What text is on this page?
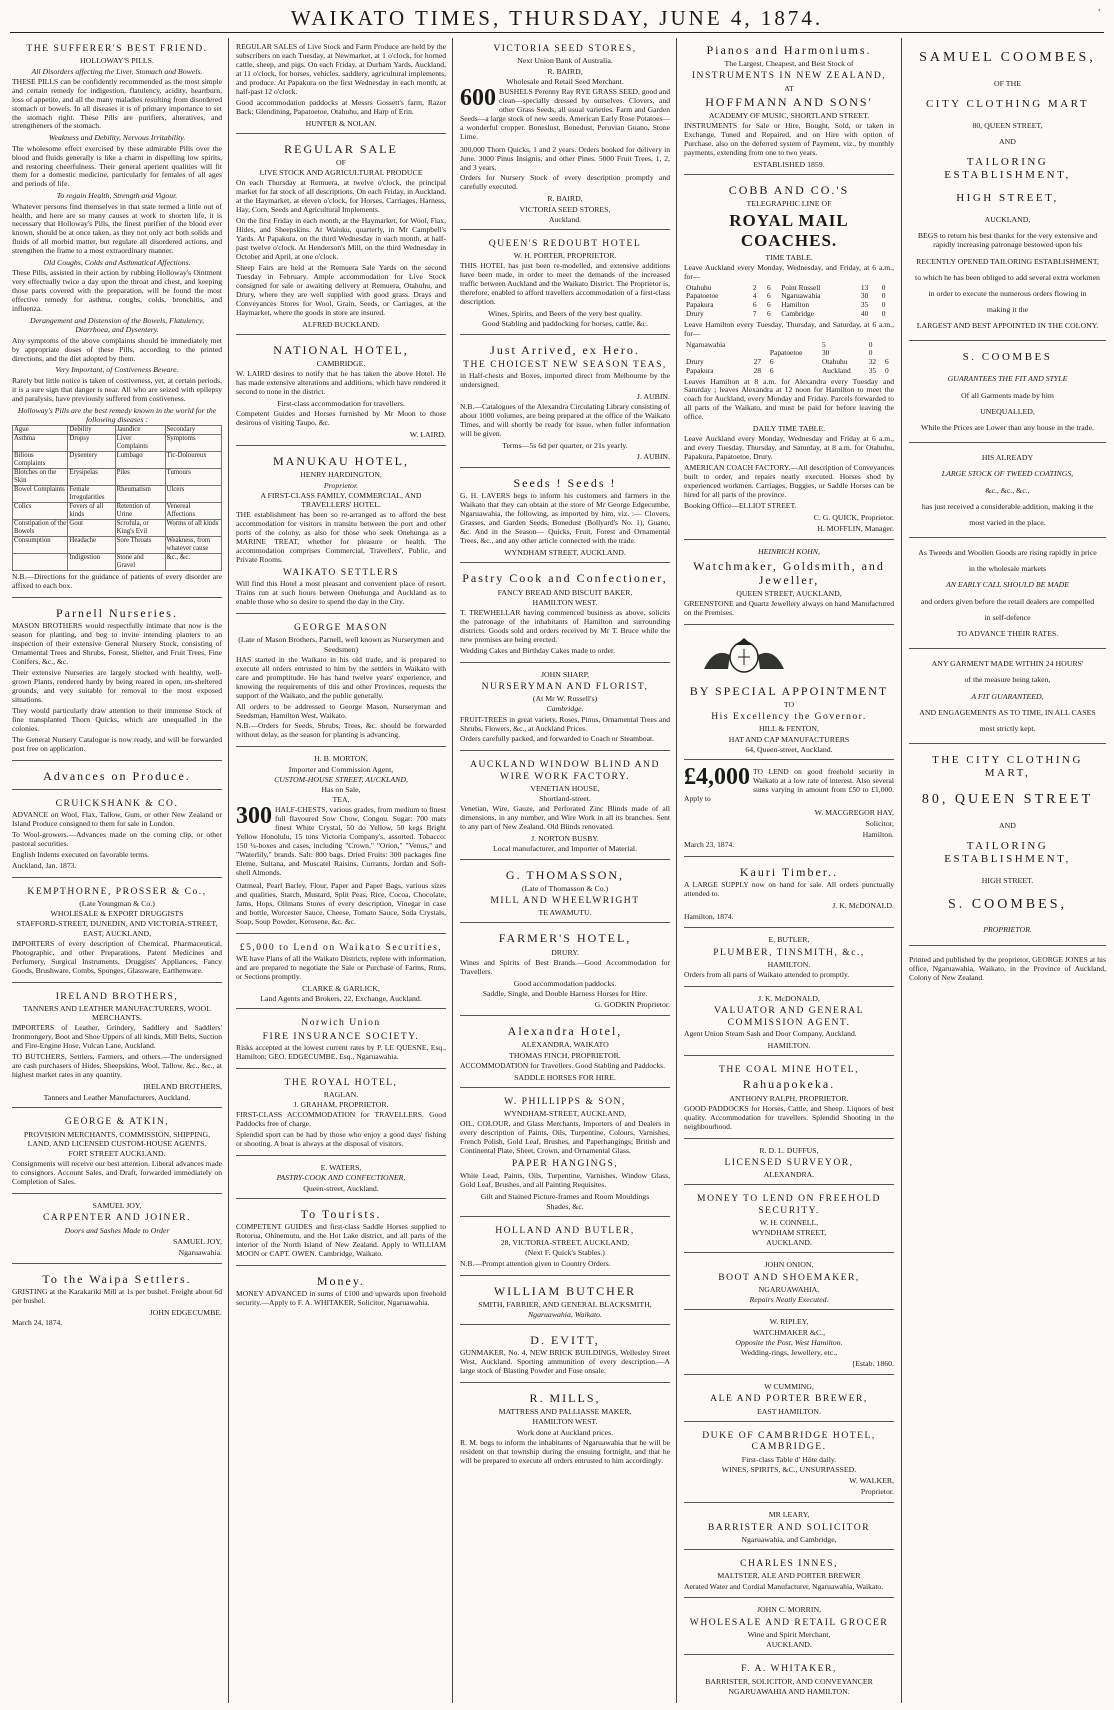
WAIKATO TIMES, THURSDAY, JUNE 4, 1874.	'
THE SUFFERER'S BEST FRIEND.
HOLLOWAY'S PILLS.
All Disorders affecting the Liver, Stomach and Bowels.
THESE PILLS can be confidently recommended as the most simple and certain remedy for indigestion, flatulency, acidity, heartburn, loss of appetite, and all the many maladies resulting from disordered stomach or bowels. In all diseases it is of primary importance to set the stomach right. These Pills are purifiers, alteratives, and strengtheners of the stomach.
Weakness and Debility, Nervous Irritability.
The wholesome effect exercised by these admirable Pills over the blood and fluids generally is like a charm in dispelling low spirits, and restoring cheerfulness. Their general aperient qualities will fit them for a domestic medicine, particularly for females of all ages and periods of life.
To regain Health, Strength and Vigour.
Whatever persons find themselves in that state termed a little out of health, and here are so many causes at work to shorten life, it is necessary that Holloway's Pills, the finest purifier of the blood ever known, should be at once taken, as they not only act both solids and fluids of all morbid matter, but regulate all disordered actions, and strengthen the frame to a most extraordinary manner.
Old Coughs, Colds and Asthmatical Affections.
These Pills, assisted in their action by rubbing Holloway's Ointment very effectually twice a day upon the throat and chest, and keeping those parts covered with the preparation, will be found the most effective remedy for asthma, coughs, colds, bronchitis, and influenza.
Derangement and Distension of the Bowels, Flatulency, Diarrhoea, and Dysentery.
Any symptoms of the above complaints should be immediately met by appropriate doses of these Pills, according to the printed directions, and the diet adopted by them.
Very Important, of Costiveness Beware.
Rarely but little notice is taken of costiveness, yet, at certain periods, it is a sure sign that danger is near. All who are seized with epilepsy and paralysis, have previously suffered from costiveness.
Holloway's Pills are the best remedy known in the world for the following diseases :
Ague	Debility	Jaundice	Secondary
Asthma	Dropsy	Liver Complaints	Symptoms
Bilious Complaints	Dysentery	Lumbago	Tic-Doloureux
Blotches on the Skin	Erysipelas	Piles	Tumours
Bowel Complaints	Female Irregularities	Rheumatism	Ulcers
Colics	Fevers of all kinds	Retention of Urine	Venereal Affections
Constipation of the Bowels	Gout	Scrofula, or King's Evil	Worms of all kinds
Consumption	Headache	Sore Throats	Weakness, from whatever cause
	Indigestion	Stone and Gravel	&c., &c.
N.B.—Directions for the guidance of patients of every disorder are affixed to each box.
Parnell Nurseries.
MASON BROTHERS would respectfully intimate that now is the season for planting, and beg to invite intending planters to an inspection of their extensive General Nursery Stock, consisting of Ornamental Trees and Shrubs, Forest, Shelter, and Fruit Trees, Fine Conifers, &c., &c.
Their extensive Nurseries are largely stocked with healthy, well-grown Plants, rendered hardy by being reared in open, un-sheltered grounds, and very suitable for removal to the most exposed situations.
They would particularly draw attention to their immense Stock of fine transplanted Thorn Quicks, which are unequalled in the colonies.
The General Nursery Catalogue is now ready, and will be forwarded post free on application.
Advances on Produce.
CRUICKSHANK & CO.
ADVANCE on Wool, Flax, Tallow, Gum, or other New Zealand or Island Produce consigned to them for sale in London.
To Wool-growers.—Advances made on the coming clip, or other pastoral securities.
English Indents executed on favorable terms.
Auckland, Jan. 1873.
KEMPTHORNE, PROSSER & Co.,
(Late Youngman & Co.)
WHOLESALE & EXPORT DRUGGISTS
STAFFORD-STREET, DUNEDIN, AND VICTORIA-STREET, EAST, AUCKLAND,
IMPORTERS of every description of Chemical, Pharmaceutical, Photographic, and other Preparations, Patent Medicines and Perfumery, Surgical Instruments, Druggists' Appliances, Fancy Goods, Brushware, Combs, Sponges, Glassware, Earthenware.
IRELAND BROTHERS,
TANNERS AND LEATHER MANUFACTURERS, WOOL MERCHANTS.
IMPORTERS of Leather, Grindery, Saddlery and Saddlers' Ironmongery, Boot and Shoe Uppers of all kinds, Mill Belts, Suction and Fire-Engine Hose, Vulcan Lane, Auckland.
TO BUTCHERS, Settlers, Farmers, and others.—The undersigned are cash purchasers of Hides, Sheepskins, Wool, Tallow, &c., &c., at highest market rates in any quantity.
IRELAND BROTHERS,
Tanners and Leather Manufacturers, Auckland.
GEORGE & ATKIN,
PROVISION MERCHANTS, COMMISSION, SHIPPING, LAND, AND LICENSED CUSTOM-HOUSE AGENTS,
FORT STREET AUCKLAND.
Consignments will receive our best attention. Liberal advances made to consignors. Account Sales, and Draft, forwarded immediately on Completion of Sales.
SAMUEL JOY,
CARPENTER AND JOINER.
Doors and Sashes Made to Order
SAMUEL JOY,
Ngaruawahia.
To the Waipa Settlers.
GRISTING at the Karakariki Mill at 1s per bushel. Freight about 6d per bushel.
JOHN EDGECUMBE.
March 24, 1874.
REGULAR SALES of Live Stock and Farm Produce are held by the subscribers on each Tuesday, at Newmarket, at 1 o'clock, for horned cattle, sheep, and pigs. On each Friday, at Durham Yards, Auckland, at 11 o'clock, for horses, vehicles, saddlery, agricultural implements, and produce. At Papakura on the first Wednesday in each month, at half-past 12 o'clock.
Good accommodation paddocks at Messrs Gossett's farm, Razor Back; Glendining, Papatoetoe, Otahuhu, and Harp of Erin.
HUNTER & NOLAN.
REGULAR SALE
OF
LIVE STOCK AND AGRICULTURAL PRODUCE
On each Thursday at Remuera, at twelve o'clock, the principal market for fat stock of all descriptions. On each Friday, in Auckland, at the Haymarket, at eleven o'clock, for Horses, Carriages, Harness, Hay, Corn, Seeds and Agricultural Implements.
On the first Friday in each month, at the Haymarket, for Wool, Flax, Hides, and Sheepskins. At Waiuku, quarterly, in Mr Campbell's Yards. At Papakura, on the third Wednesday in each month, at half-past twelve o'clock. At Henderson's Mill, on the third Wednesday in October and April, at one o'clock.
Sheep Fairs are held at the Remuera Sale Yards on the second Tuesday in February. Ample accommodation for Live Stock consigned for sale or awaiting delivery at Remuera, Otahuhu, and Drury, where they are well supplied with good grass. Drays and Conveyances Stores for Wool, Grain, Seeds, or Carriages, at the Haymarket, where the goods in store are insured.
ALFRED BUCKLAND.
NATIONAL HOTEL,
CAMBRIDGE.
W. LAIRD desires to notify that he has taken the above Hotel. He has made extensive alterations and additions, which have rendered it second to none in the district.
First-class accommodation for travellers.
Competent Guides and Horses furnished by Mr Moon to those desirous of visiting Taupo, &c.
W. LAIRD.
MANUKAU HOTEL,
HENRY HARDINGTON,
Proprietor.
A FIRST-CLASS FAMILY, COMMERCIAL, AND TRAVELLERS' HOTEL.
THE establishment has been so re-arranged as to afford the best accommodation for visitors in transitu between the port and other ports of the colony, as also for those who seek Onehunga as a MARINE TREAT, whether for pleasure or health. The accommodation comprises Commercial, Travellers', Public, and Private Rooms.
WAIKATO SETTLERS
Will find this Hotel a most pleasant and convenient place of resort. Trains run at such hours between Onehunga and Auckland as to enable those who so desire to spend the day in the City.
GEORGE MASON
(Late of Mason Brothers, Parnell, well known as Nurserymen and Seedsmen)
HAS started in the Waikato in his old trade, and is prepared to execute all orders entrusted to him by the settlers in Waikato with care and promptitude. He has hand twelve years' experience, and knowing the requirements of this and other Provinces, requests the support of the Waikato, and the public generally.
All orders to be addressed to George Mason, Nurseryman and Seedsman, Hamilton West, Waikato.
N.B.—Orders for Seeds, Shrubs, Trees, &c. should be forwarded without delay, as the season for planting is advancing.
H. B. MORTON,
Importer and Commission Agent,
CUSTOM-HOUSE STREET, AUCKLAND,
Has on Sale,
TEA,
300 HALF-CHESTS, various grades, from medium to finest full flavoured Sow Chow, Congou. Sugar: 700 mats finest White Crystal, 50 do Yellow, 50 kegs Bright Yellow Honolulu, 15 tons Victoria Company's, assorted. Tobacco: 150 ¼-boxes and cases, including "Crown," "Orion," "Venus," and "Waterlily," brands. Salt: 800 bags. Dried Fruits: 300 packages fine Eleme, Sultana, and Muscatel Raisins, Currants, Jordan and Soft-shell Almonds.
Oatmeal, Pearl Barley, Flour, Paper and Paper Bags, various sizes and qualities, Starch, Mustard, Split Peas, Rice, Cocoa, Chocolate, Jams, Hops, Oilmans Stores of every description, Vinegar in case and bottle, Worcester Sauce, Cheese, Tomato Sauce, Soda Crystals, Soap, Soup Powder, Kerosene, &c. &c.
£5,000 to Lend on Waikato Securities,
WE have Plans of all the Waikato Districts, replete with information, and are prepared to negotiate the Sale or Purchase of Farms, Runs, or Sections promptly.
CLARKE & GARLICK,
Land Agents and Brokers, 22, Exchange, Auckland.
Norwich Union
FIRE INSURANCE SOCIETY.
Risks accepted at the lowest current rates by P. LE QUESNE, Esq., Hamilton; GEO. EDGECUMBE, Esq., Ngaruawahia.
THE ROYAL HOTEL,
RAGLAN.
J. GRAHAM, PROPRIETOR.
FIRST-CLASS ACCOMMODATION for TRAVELLERS. Good Paddocks free of charge.
Splendid sport can be had by those who enjoy a good days' fishing or shooting. A boat is always at the disposal of visitors.
E. WATERS,
PASTRY-COOK AND CONFECTIONER,
Queen-street, Auckland.
To Tourists.
COMPETENT GUIDES and first-class Saddle Horses supplied to Rotorua, Ohinemutu, and the Hot Lake district, and all parts of the interior of the North Island of New Zealand. Apply to WILLIAM MOON or CAPT. OWEN. Cambridge, Waikato.
Money.
MONEY ADVANCED in sums of £100 and upwards upon freehold security.—Apply to F. A. WHITAKER, Solicitor, Ngaruawahia.
VICTORIA SEED STORES,
Next Union Bank of Australia.
R. BAIRD,
Wholesale and Retail Seed Merchant.
600 BUSHELS Perenny Ray RYE GRASS SEED, good and clean—specially dressed by ourselves. Clovers, and other Grass Seeds, all usual varieties. Farm and Garden Seeds—a large stock of new seeds. American Early Rose Potatoes—a wonderful cropper. Boneslust, Bonedust, Peruvian Guano, Stone Lime.
300,000 Thorn Quicks, 1 and 2 years. Orders booked for delivery in June. 3000 Pinus Insignis, and other Pines. 5000 Fruit Trees, 1, 2, and 3 years.
Orders for Nursery Stock of every description promptly and carefully executed.
R. BAIRD,
VICTORIA SEED STORES,
Auckland.
QUEEN'S REDOUBT HOTEL
W. H. PORTER, PROPRIETOR.
THIS HOTEL has just been re-modelled, and extensive additions have been made, in order to meet the demands of the increased traffic between Auckland and the Waikato District. The Proprietor is, therefore, enabled to afford travellers accommodation of a first-class description.
Wines, Spirits, and Beers of the very best quality.
Good Stabling and paddocking for horses, cattle, &c.
Just Arrived, ex Hero.
THE CHOICEST NEW SEASON TEAS,
in Half-chests and Boxes, imported direct from Melbourne by the undersigned.
J. AUBIN.
N.B.—Catalogues of the Alexandra Circulating Library consisting of about 1000 volumes, are being prepared at the office of the Waikato Times, and will shortly be ready for issue, when fuller information will be given.
Terms—5s 6d per quarter, or 21s yearly.
J. AUBIN.
Seeds ! Seeds !
G. H. LAVERS begs to inform his customers and farmers in the Waikato that they can obtain at the store of Mr George Edgecumbe, Ngaruawahia, the following, as imported by him, viz. :— Clovers, Grasses, and Garden Seeds, Bonedust (Bollyard's No. 1), Guano, &c. And in the Season— Quicks, Fruit, Forest and Ornamental Trees, &c., and any other article connected with the trade.
WYNDHAM STREET, AUCKLAND.
Pastry Cook and Confectioner,
FANCY BREAD AND BISCUIT BAKER,
HAMILTON WEST.
T. TREWHELLAR having commenced business as above, solicits the patronage of the inhabitants of Hamilton and surrounding districts. Goods sold and orders received by Mr T. Bruce while the new premises are being erected.
Wedding Cakes and Birthday Cakes made to order.
JOHN SHARP,
NURSERYMAN AND FLORIST,
(At Mr W. Russell's)
Cambridge.
FRUIT-TREES in great variety, Roses, Pinus, Ornamental Trees and Shrubs, Flowers, &c., at Auckland Prices.
Orders carefully packed, and forwarded to Coach or Steamboat.
AUCKLAND WINDOW BLIND AND WIRE WORK FACTORY.
VENETIAN HOUSE,
Shortland-street.
Venetian, Wire, Gauze, and Perforated Zinc Blinds made of all dimensions, in any number, and Wire Work in all its branches. Sent to any part of New Zealand. Old Blinds renovated.
J. NORTON BUSBY.
Local manufacturer, and Importer of Material.
G. THOMASSON,
(Late of Thomasson & Co.)
MILL AND WHEELWRIGHT
TE AWAMUTU.
FARMER'S HOTEL,
DRURY.
Wines and Spirits of Best Brands.—Good Accommodation for Travellers.
Good accommodation paddocks.
Saddle, Single, and Double Harness Horses for Hire.
G. GODKIN Proprietor.
Alexandra Hotel,
ALEXANDRA, WAIKATO
THOMAS FINCH, PROPRIETOR.
ACCOMMODATION for Travellers. Good Stabling and Paddocks.
SADDLE HORSES FOR HIRE.
W. PHILLIPPS & SON,
WYNDHAM-STREET, AUCKLAND,
OIL, COLOUR, and Glass Merchants, Importers of and Dealers in every description of Paints, Oils, Turpentine, Colours, Varnishes, French Polish, Gold Leaf, Brushes, and Paperhangings; British and Continental Plate, Sheet, Crown, and Ornamental Glass.
PAPER HANGINGS,
White Lead, Paints, Oils, Turpentine, Varnishes, Window Glass, Gold Leaf, Brushes, and all Painting Requisites.
Gilt and Stained Picture-frames and Room Mouldings
Shades, &c.
HOLLAND AND BUTLER,
28, VICTORIA-STREET, AUCKLAND,
(Next F. Quick's Stables.)
N.B.—Prompt attention given to Country Orders.
WILLIAM BUTCHER
SMITH, FARRIER, AND GENERAL BLACKSMITH,
Ngaruawahia, Waikato.
D. EVITT,
GUNMAKER, No. 4, NEW BRICK BUILDINGS, Wellesley Street West, Auckland. Sporting ammunition of every description.—A large stock of Blasting Powder and Fuse onsale.
R. MILLS,
MATTRESS AND PALLIASSE MAKER,
HAMILTON WEST.
Work done at Auckland prices.
R. M. begs to inform the inhabitants of Ngaruawahia that he will be resident on that township during the ensuing fortnight, and that he will be prepared to execute all orders entrusted to him accordingly.
Pianos and Harmoniums.
The Largest, Cheapest, and Best Stock of
INSTRUMENTS IN NEW ZEALAND,
AT
HOFFMANN AND SONS'
ACADEMY OF MUSIC, SHORTLAND STREET.
INSTRUMENTS for Sale or Hire, Bought, Sold, or taken in Exchange, Tuned and Repaired, and on Hire with option of Purchase, also on the deferred system of Payment, viz., by monthly payments, extending from one to two years.
ESTABLISHED 1859.
COBB AND CO.'S
TELEGRAPHIC LINE OF
ROYAL MAIL COACHES.
TIME TABLE.
Leave Auckland every Monday, Wednesday, and Friday, at 6 a.m., for—
Otahuhu	2	6	Point Russell	13	0
Papatoetoe	4	6	Ngaruawahia	30	0
Papakura	6	6	Hamilton	35	0
Drury	7	6	Cambridge	40	0
Leave Hamilton every Tuesday, Thursday, and Saturday, at 6 a.m., for—
Ngaruawahia				5	0	
			Papatoetoe	30	0	
Drury		27	6	Otahuhu	32	6
Papakura		28	6	Auckland	35	0
Leaves Hamilton at 8 a.m. for Alexandra every Tuesday and Saturday ; leaves Alexandra at 12 noon for Hamilton to meet the coach for Auckland, every Monday and Friday. Parcels forwarded to all parts of the Waikato, and must be paid for before leaving the office.
DAILY TIME TABLE.
Leave Auckland every Monday, Wednesday and Friday at 6 a.m., and every Tuesday, Thursday, and Saturday, at 8 a.m. for Otahuhu, Papakura, Papatoetoe, Drury.
AMERICAN COACH FACTORY.—All description of Conveyances built to order, and repairs neatly executed. Horses shod by experienced workmen. Carriages, Buggies, or Saddle Horses can be hired for all parts of the province.
Booking Office—ELLIOT STREET.
C. G. QUICK, Proprietor.
H. MOFFLIN, Manager.
HEINRICH KOHN,
Watchmaker, Goldsmith, and Jeweller,
QUEEN STREET, AUCKLAND,
GREENSTONE and Quartz Jewellery always on hand Manufactured on the Premises.
BY SPECIAL APPOINTMENT
TO
His Excellency the Governor.
HILL & FENTON,
HAT AND CAP MANUFACTURERS
64, Queen-street, Auckland.
£4,000 TO LEND on good freehold security in Waikato at a low rate of interest. Also several sums varying in amount from £50 to £1,000. Apply to
W. MACGREGOR HAY,
Solicitor,
Hamilton.
March 23, 1874.
Kauri Timber..
A LARGE SUPPLY now on hand for sale. All orders punctually attended to.
J. K. McDONALD.
Hamilton, 1874.
E. BUTLER,
PLUMBER, TINSMITH, &c.,
HAMILTON.
Orders from all parts of Waikato attended to promptly.
J. K. McDONALD,
VALUATOR AND GENERAL COMMISSION AGENT.
Agent Union Steam Sash and Door Company, Auckland.
HAMILTON.
THE COAL MINE HOTEL,
Rahuapokeka.
ANTHONY RALPH, PROPRIETOR.
GOOD PADDOCKS for Horses, Cattle, and Sheep. Liquors of best quality. Accommodation for travellers. Splendid Shooting in the neighbourhood.
R. D. L. DUFFUS,
LICENSED SURVEYOR,
ALEXANDRA.
MONEY TO LEND ON FREEHOLD SECURITY.
W. H. CONNELL,
WYNDHAM STREET,
AUCKLAND.
JOHN ONION,
BOOT AND SHOEMAKER,
NGARUAWAHIA.
Repairs Neatly Executed.
W. RIPLEY,
WATCHMAKER &C.,
Opposite the Post, West Hamilton.
Wedding-rings, Jewellery, etc.,
[Estab. 1860.
W CUMMING,
ALE AND PORTER BREWER,
EAST HAMILTON.
DUKE OF CAMBRIDGE HOTEL, CAMBRIDGE.
First-class Table d' Hôte daily.
WINES, SPIRITS, &C., UNSURPASSED.
W. WALKER,
Proprietor.
MR LEARY,
BARRISTER AND SOLICITOR
Ngaruawahia, and Cambridge,
CHARLES INNES,
MALTSTER, ALE AND PORTER BREWER
Aerated Water and Cordial Manufacturer, Ngaruawahia, Waikato.
JOHN C. MORRIN,
WHOLESALE AND RETAIL GROCER
Wine and Spirit Merchant,
AUCKLAND.
F. A. WHITAKER,
BARRISTER, SOLICITOR, AND CONVEYANCER
NGARUAWAHIA AND HAMILTON.
SAMUEL COOMBES,
OF THE
CITY CLOTHING MART
80, QUEEN STREET,
AND
TAILORING ESTABLISHMENT,
HIGH STREET,
AUCKLAND,
BEGS to return his best thanks for the very extensive and rapidly increasing patronage bestowed upon his
RECENTLY OPENED TAILORING ESTABLISHMENT,
to which he has been obliged to add several extra workmen
in order to execute the numerous orders flowing in
making it the
LARGEST AND BEST APPOINTED IN THE COLONY.
S. COOMBES
GUARANTEES THE FIT AND STYLE
Of all Garments made by him
UNEQUALLED,
While the Prices are Lower than any house in the trade.
HIS ALREADY
LARGE STOCK OF TWEED COATINGS,
&c., &c., &c.,
has just received a considerable addition, making it the
most varied in the place.
As Tweeds and Woollen Goods are rising rapidly in price
in the wholesale markets
AN EARLY CALL SHOULD BE MADE
and orders given before the retail dealers are compelled
in self-defence
TO ADVANCE THEIR RATES.
ANY GARMENT MADE WITHIN 24 HOURS'
of the measure being taken,
A FIT GUARANTEED,
AND ENGAGEMENTS AS TO TIME, IN ALL CASES
most strictly kept.
THE CITY CLOTHING MART,
80, QUEEN STREET
AND
TAILORING ESTABLISHMENT,
HIGH STREET.
S. COOMBES,
PROPRIETOR.
Printed and published by the proprietor, GEORGE JONES at his office, Ngaruawahia, Waikato, in the Province of Auckland, Colony of New Zealand.
